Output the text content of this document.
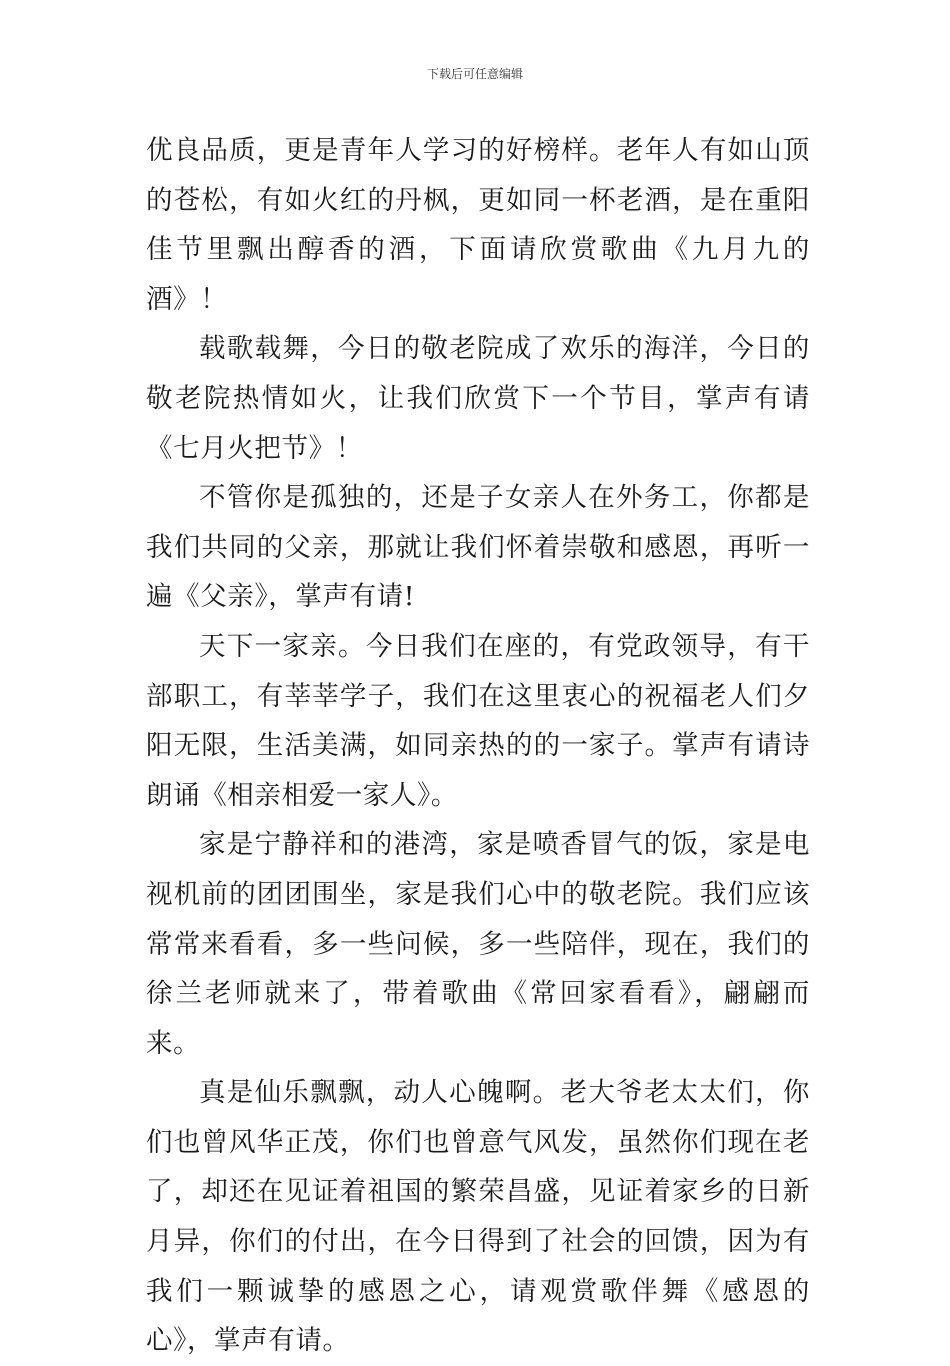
下载后可任意编辑

优良品质，更是青年人学习的好榜样。老年人有如山顶的苍松，有如火红的丹枫，更如同一杯老酒，是在重阳佳节里飘出醇香的酒，下面请欣赏歌曲《九月九的酒》！

载歌载舞，今日的敬老院成了欢乐的海洋，今日的敬老院热情如火，让我们欣赏下一个节目，掌声有请《七月火把节》！

不管你是孤独的，还是子女亲人在外务工，你都是我们共同的父亲，那就让我们怀着崇敬和感恩，再听一遍《父亲》，掌声有请!

天下一家亲。今日我们在座的，有党政领导，有干部职工，有莘莘学子，我们在这里衷心的祝福老人们夕阳无限，生活美满，如同亲热的的一家子。掌声有请诗朗诵《相亲相爱一家人》。

家是宁静祥和的港湾，家是喷香冒气的饭，家是电视机前的团团围坐，家是我们心中的敬老院。我们应该常常来看看，多一些问候，多一些陪伴，现在，我们的徐兰老师就来了，带着歌曲《常回家看看》，翩翩而来。

真是仙乐飘飘，动人心魄啊。老大爷老太太们，你们也曾风华正茂，你们也曾意气风发，虽然你们现在老了，却还在见证着祖国的繁荣昌盛，见证着家乡的日新月异，你们的付出，在今日得到了社会的回馈，因为有我们一颗诚挚的感恩之心，请观赏歌伴舞《感恩的心》，掌声有请。
